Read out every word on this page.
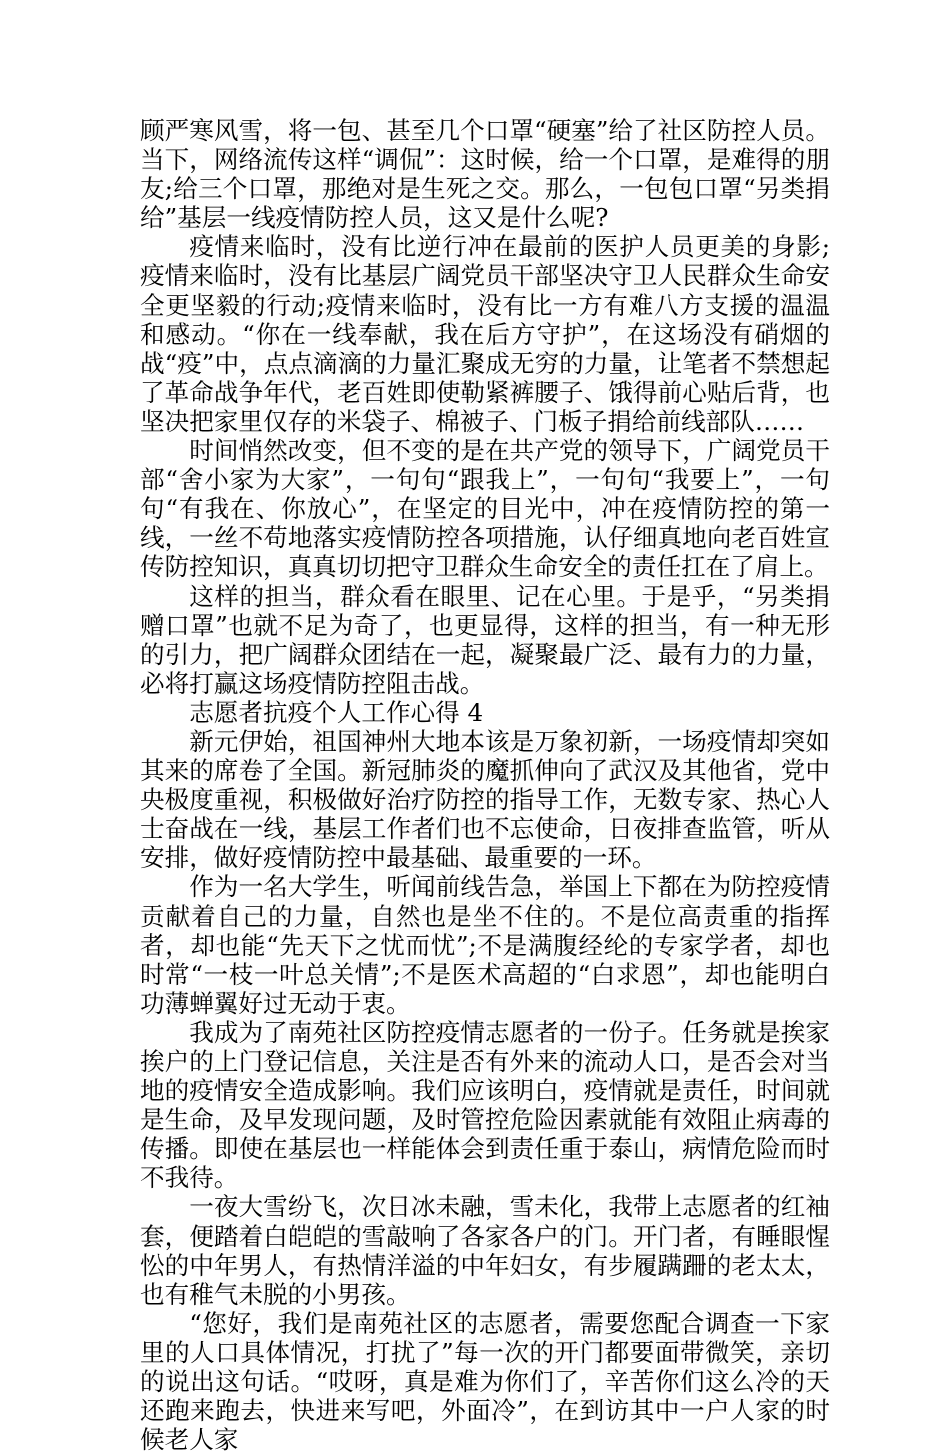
顾严寒风雪，将一包、甚至几个口罩“硬塞”给了社区防控人员。当下，网络流传这样“调侃”：这时候，给一个口罩，是难得的朋友;给三个口罩，那绝对是生死之交。那么，一包包口罩“另类捐给”基层一线疫情防控人员，这又是什么呢?

疫情来临时，没有比逆行冲在最前的医护人员更美的身影;疫情来临时，没有比基层广阔党员干部坚决守卫人民群众生命安全更坚毅的行动;疫情来临时，没有比一方有难八方支援的温温和感动。“你在一线奉献，我在后方守护”，在这场没有硝烟的战“疫”中，点点滴滴的力量汇聚成无穷的力量，让笔者不禁想起了革命战争年代，老百姓即使勒紧裤腰子、饿得前心贴后背，也坚决把家里仅存的米袋子、棉被子、门板子捐给前线部队……

时间悄然改变，但不变的是在共产党的领导下，广阔党员干部“舍小家为大家”，一句句“跟我上”，一句句“我要上”，一句句“有我在、你放心”，在坚定的目光中，冲在疫情防控的第一线，一丝不苟地落实疫情防控各项措施，认仔细真地向老百姓宣传防控知识，真真切切把守卫群众生命安全的责任扛在了肩上。

这样的担当，群众看在眼里、记在心里。于是乎，“另类捐赠口罩”也就不足为奇了，也更显得，这样的担当，有一种无形的引力，把广阔群众团结在一起，凝聚最广泛、最有力的力量，必将打赢这场疫情防控阻击战。

志愿者抗疫个人工作心得 4

新元伊始，祖国神州大地本该是万象初新，一场疫情却突如其来的席卷了全国。新冠肺炎的魔抓伸向了武汉及其他省，党中央极度重视，积极做好治疗防控的指导工作，无数专家、热心人士奋战在一线，基层工作者们也不忘使命，日夜排查监管，听从安排，做好疫情防控中最基础、最重要的一环。

作为一名大学生，听闻前线告急，举国上下都在为防控疫情贡献着自己的力量，自然也是坐不住的。不是位高责重的指挥者，却也能“先天下之忧而忧”;不是满腹经纶的专家学者，却也时常“一枝一叶总关情”;不是医术高超的“白求恩”，却也能明白功薄蝉翼好过无动于衷。

我成为了南苑社区防控疫情志愿者的一份子。任务就是挨家挨户的上门登记信息，关注是否有外来的流动人口，是否会对当地的疫情安全造成影响。我们应该明白，疫情就是责任，时间就是生命，及早发现问题，及时管控危险因素就能有效阻止病毒的传播。即使在基层也一样能体会到责任重于泰山，病情危险而时不我待。

一夜大雪纷飞，次日冰未融，雪未化，我带上志愿者的红袖套，便踏着白皑皑的雪敲响了各家各户的门。开门者，有睡眼惺忪的中年男人，有热情洋溢的中年妇女，有步履蹒跚的老太太，也有稚气未脱的小男孩。

“您好，我们是南苑社区的志愿者，需要您配合调查一下家里的人口具体情况，打扰了”每一次的开门都要面带微笑，亲切的说出这句话。“哎呀，真是难为你们了，辛苦你们这么冷的天还跑来跑去，快进来写吧，外面冷”，在到访其中一户人家的时候老人家
